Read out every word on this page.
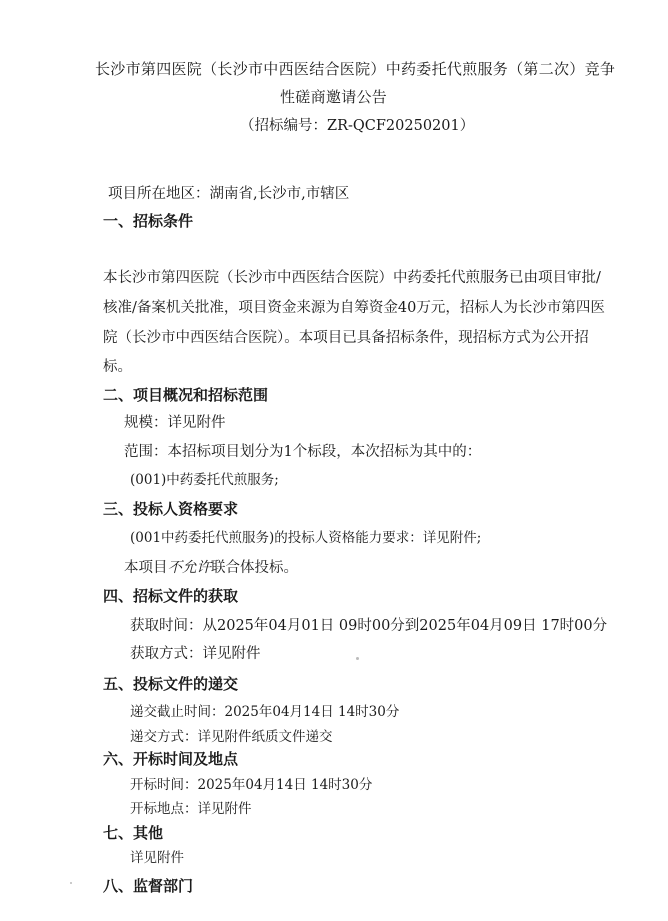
长沙市第四医院（长沙市中西医结合医院）中药委托代煎服务（第二次）竞争
性磋商邀请公告
（招标编号：ZR-QCF20250201）
项目所在地区：湖南省,长沙市,市辖区
一、招标条件
本长沙市第四医院（长沙市中西医结合医院）中药委托代煎服务已由项目审批/
核准/备案机关批准，项目资金来源为自筹资金40万元，招标人为长沙市第四医
院（长沙市中西医结合医院）。本项目已具备招标条件，现招标方式为公开招
标。
二、项目概况和招标范围
规模：详见附件
范围：本招标项目划分为1个标段，本次招标为其中的：
(001)中药委托代煎服务;
三、投标人资格要求
(001中药委托代煎服务)的投标人资格能力要求：详见附件;
本项目不允许联合体投标。
四、招标文件的获取
获取时间：从2025年04月01日 09时00分到2025年04月09日 17时00分
获取方式：详见附件
五、投标文件的递交
递交截止时间：2025年04月14日 14时30分
递交方式：详见附件纸质文件递交
六、开标时间及地点
开标时间：2025年04月14日 14时30分
开标地点：详见附件
七、其他
详见附件
八、监督部门
